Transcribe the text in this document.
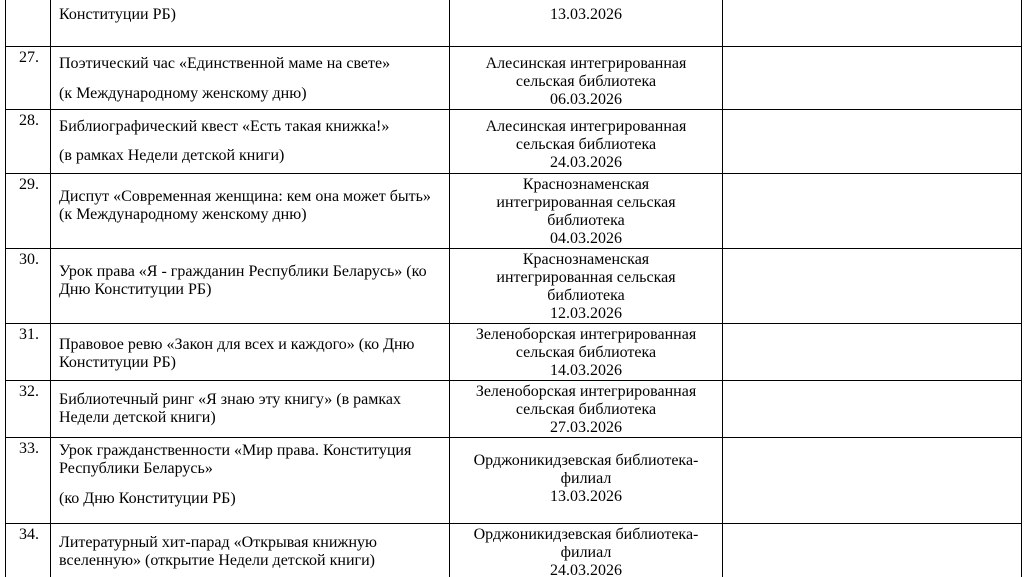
	Конституции РБ)	13.03.2026	

27.	Поэтический час «Единственной маме на свете»
(к Международному женскому дню)	Алесинская интегрированная
сельская библиотека
06.03.2026	

28.	Библиографический квест «Есть такая книжка!»
(в рамках Недели детской книги)	Алесинская интегрированная
сельская библиотека
24.03.2026	

29.	Диспут «Современная женщина: кем она может быть» (к Международному женскому дню)	Краснознаменская
интегрированная сельская
библиотека
04.03.2026	

30.	Урок права «Я - гражданин Республики Беларусь» (ко Дню Конституции РБ)	Краснознаменская
интегрированная сельская
библиотека
12.03.2026	

31.	Правовое ревю «Закон для всех и каждого» (ко Дню Конституции РБ)	Зеленоборская интегрированная
сельская библиотека
14.03.2026	

32.	Библиотечный ринг «Я знаю эту книгу» (в рамках Недели детской книги)	Зеленоборская интегрированная
сельская библиотека
27.03.2026	

33.	Урок гражданственности «Мир права. Конституция Республики Беларусь»
(ко Дню Конституции РБ)	Орджоникидзевская библиотека-
филиал
13.03.2026	

34.	Литературный хит-парад «Открывая книжную вселенную» (открытие Недели детской книги)	Орджоникидзевская библиотека-
филиал
24.03.2026	
